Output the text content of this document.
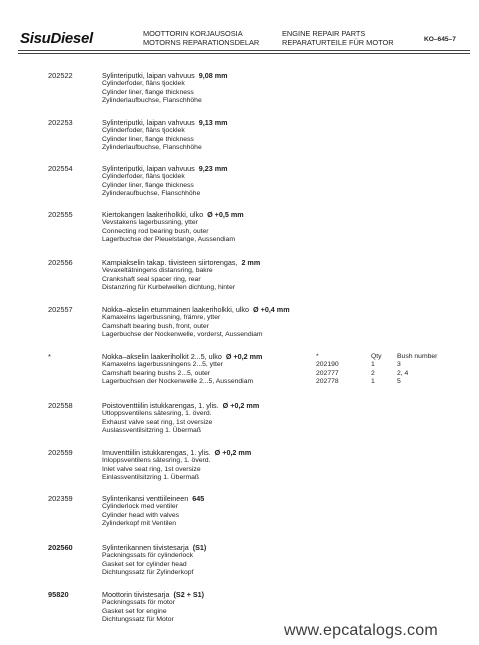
SisuDiesel	MOOTTORIN KORJAUSOSIA
MOTORNS REPARATIONSDELAR
ENGINE REPAIR PARTS
REPARATURTEILE FÜR MOTOR	KO–645–7
202522	Sylinteriputki, laipan vahvuus 9,08 mm
Cylinderfoder, fläns tjocklek
Cylinder liner, flange thickness
Zylinderlaufbuchse, Flanschhöhe
202253	Sylinteriputki, laipan vahvuus 9,13 mm
Cylinderfoder, fläns tjocklek
Cylinder liner, flange thickness
Zylinderlaufbuchse, Flanschhöhe
202554	Sylinteriputki, laipan vahvuus 9,23 mm
Cylinderfoder, fläns tjocklek
Cylinder liner, flange thickness
Zylinderaufbuchse, Flanschhöhe
202555	Kiertokangen laakeriholkki, ulko Ø +0,5 mm
Vevstakens lagerbussning, ytter
Connecting rod bearing bush, outer
Lagerbuchse der Pleuelstange, Aussendiam
202556	Kampiakselin takap. tiivisteen siirtorengas, 2 mm
Vevaxeltätningens distansring, bakre
Crankshaft seal spacer ring, rear
Distanzring für Kurbelwellen dichtung, hinter
202557	Nokka–akselin etummainen laakeriholkki, ulko Ø +0,4 mm
Kamaxelns lagerbussning, främre, ytter
Camshaft bearing bush, front, outer
Lagerbuchse der Nockenwelle, vorderst, Aussendiam
*	Nokka–akselin laakeriholkit 2...5, ulko Ø +0,2 mm
Kamaxelns lagerbussningens 2...5, ytter
Camshaft bearing bushs 2...5, outer
Lagerbuchsen der Nockenwelle 2...5, Aussendiam
202558	Poistoventtiilin istukkarengas, 1. ylis. Ø +0,2 mm
Utloppsventilens sätesring, 1. överd.
Exhaust valve seat ring, 1st oversize
Auslassventilsitzring 1. Übermaß
202559	Imuventtiilin istukkarengas, 1. ylis. Ø +0,2 mm
Inloppsventilens sätesring, 1. överd.
Inlet valve seat ring, 1st oversize
Einlassventilsitzring 1. Übermaß
202359	Sylinterikansi venttiileineen 645
Cylinderlock med ventiler
Cylinder head with valves
Zylinderkopf mit Ventilen
202560	Sylinterikannen tiivistesarja (S1)
Packningssats för cylinderlock
Gasket set for cylinder head
Dichtungssatz für Zylinderkopf
95820	Moottorin tiivistesarja (S2 + S1)
Packningssats för motor
Gasket set for engine
Dichtungssatz für Motor
*	Qty Bush number
202190	1	3
202777	2	2, 4
202778	1	5
www.epcatalogs.com
